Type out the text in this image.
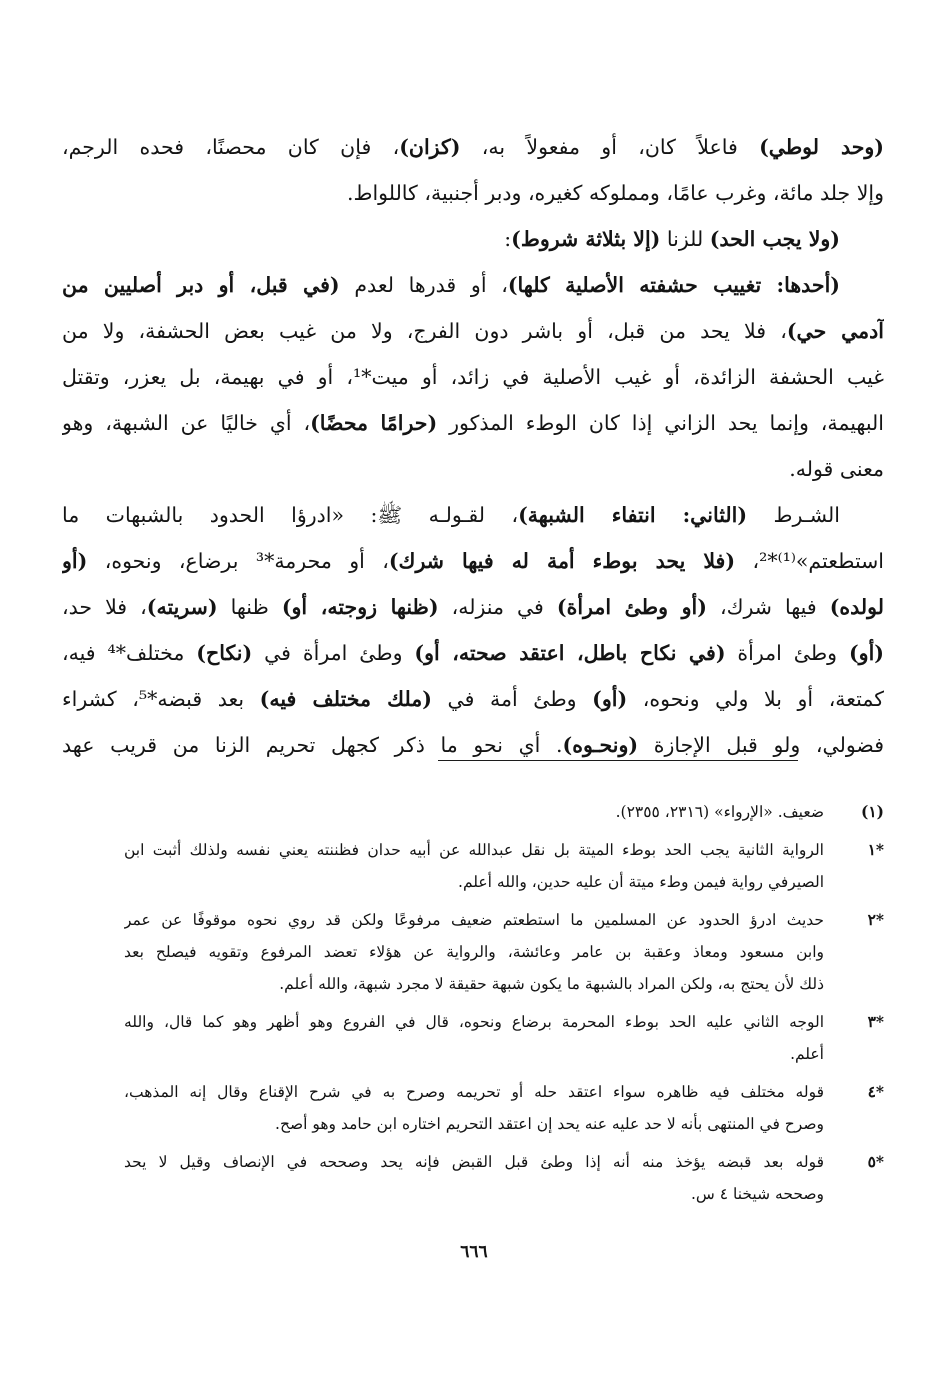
(وحد لوطي) فاعلاً كان، أو مفعولاً به، (كزان)، فإن كان محصنًا، فحده الرجم،
وإلا جلد مائة، وغرب عامًا، ومملوكه كغيره، ودبر أجنبية، كاللواط.
(ولا يجب الحد) للزنا (إلا بثلاثة شروط):
(أحدها: تغييب حشفته الأصلية كلها)، أو قدرها لعدم (في قبل، أو دبر أصليين من
آدمي حي)، فلا يحد من قبل، أو باشر دون الفرج، ولا من غيب بعض الحشفة، ولا من
غيب الحشفة الزائدة، أو غيب الأصلية في زائد، أو ميت*¹، أو في بهيمة، بل يعزر، وتقتل
البهيمة، وإنما يحد الزاني إذا كان الوطء المذكور (حرامًا محضًا)، أي خاليًا عن الشبهة، وهو
معنى قوله.
الشـرط (الثاني: انتفاء الشبهة)، لقـولـه ﷺ: «ادرؤا الحدود بالشبهات ما
استطعتم»⁽¹⁾*²، (فلا يحد بوطء أمة له فيها شرك)، أو محرمة*³ برضاع، ونحوه، (أو
لولده) فيها شرك، (أو وطئ امرأة) في منزله، (ظنها زوجته، أو) ظنها (سريته)، فلا حد،
(أو) وطئ امرأة (في نكاح باطل، اعتقد صحته، أو) وطئ امرأة في (نكاح) مختلف*⁴ فيه،
كمتعة، أو بلا ولي ونحوه، (أو) وطئ أمة في (ملك مختلف فيه) بعد قبضه*⁵، كشراء
فضولي، ولو قبل الإجازة (ونحـوه). أي نحو ما ذكر كجهل تحريم الزنا من قريب عهد
(١)
ضعيف. «الإرواء» (٢٣١٦، ٢٣٥٥).
*١
الرواية الثانية يجب الحد بوطء الميتة بل نقل عبدالله عن أبيه حدان فظننته يعني نفسه ولذلك أثبت ابن
الصيرفي رواية فيمن وطء ميتة أن عليه حدين، والله أعلم.
*٢
حديث ادرؤ الحدود عن المسلمين ما استطعتم ضعيف مرفوعًا ولكن قد روي نحوه موقوفًا عن عمر
وابن مسعود ومعاذ وعقبة بن عامر وعائشة، والرواية عن هؤلاء تعضد المرفوع وتقويه فيصلح بعد
ذلك لأن يحتج به، ولكن المراد بالشبهة ما يكون شبهة حقيقة لا مجرد شبهة، والله أعلم.
*٣
الوجه الثاني عليه الحد بوطء المحرمة برضاع ونحوه، قال في الفروع وهو أظهر وهو كما قال، والله
أعلم.
*٤
قوله مختلف فيه ظاهره سواء اعتقد حله أو تحريمه وصرح به في شرح الإقناع وقال إنه المذهب،
وصرح في المنتهى بأنه لا حد عليه عنه يحد إن اعتقد التحريم اختاره ابن حامد وهو أصح.
*٥
قوله بعد قبضه يؤخذ منه أنه إذا وطئ قبل القبض فإنه يحد وصححه في الإنصاف وقيل لا يحد
وصححه شيخنا ٤ س.
٦٦٦
